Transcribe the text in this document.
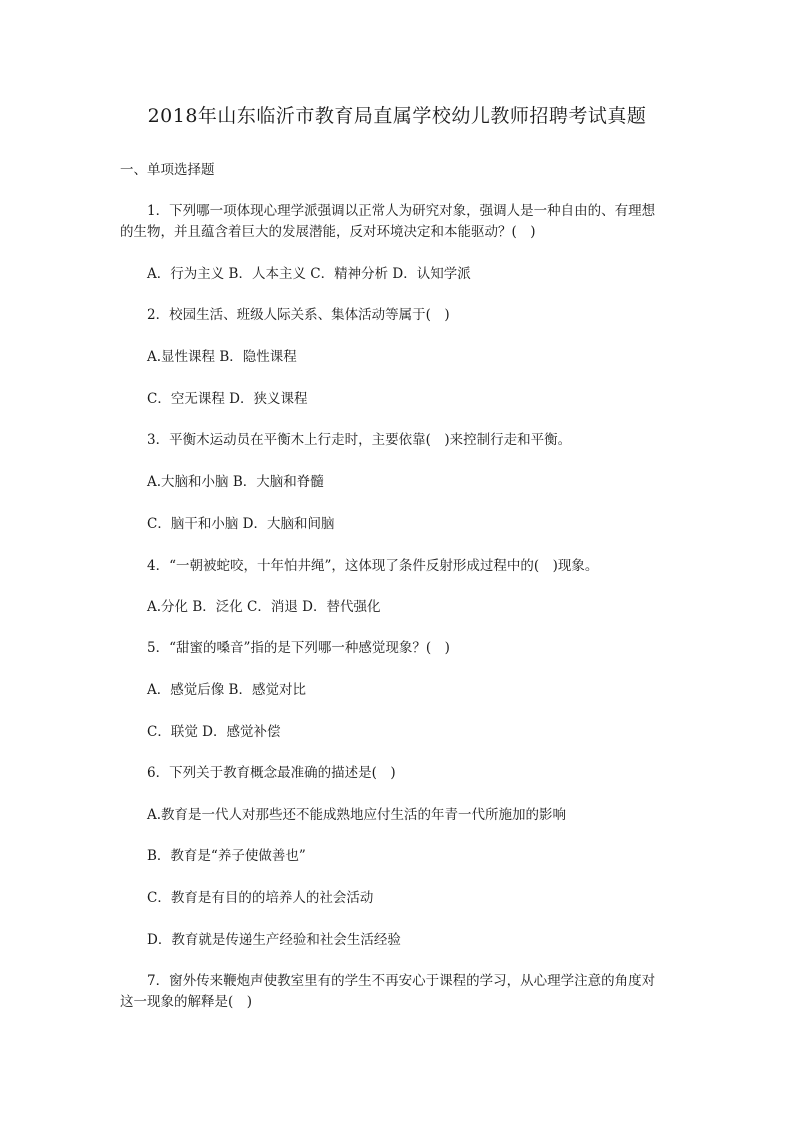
2018年山东临沂市教育局直属学校幼儿教师招聘考试真题
一、单项选择题
1．下列哪一项体现心理学派强调以正常人为研究对象，强调人是一种自由的、有理想
的生物，并且蕴含着巨大的发展潜能，反对环境决定和本能驱动？(　)
A．行为主义 B．人本主义 C．精神分析 D．认知学派
2．校园生活、班级人际关系、集体活动等属于(　)
A.显性课程 B．隐性课程
C．空无课程 D．狭义课程
3．平衡木运动员在平衡木上行走时，主要依靠(　)来控制行走和平衡。
A.大脑和小脑 B．大脑和脊髓
C．脑干和小脑 D．大脑和间脑
4．“一朝被蛇咬，十年怕井绳”，这体现了条件反射形成过程中的(　)现象。
A.分化 B．泛化 C．消退 D．替代强化
5．“甜蜜的嗓音”指的是下列哪一种感觉现象？(　)
A．感觉后像 B．感觉对比
C．联觉 D．感觉补偿
6．下列关于教育概念最准确的描述是(　)
A.教育是一代人对那些还不能成熟地应付生活的年青一代所施加的影响
B．教育是“养子使做善也”
C．教育是有目的的培养人的社会活动
D．教育就是传递生产经验和社会生活经验
7．窗外传来鞭炮声使教室里有的学生不再安心于课程的学习，从心理学注意的角度对
这一现象的解释是(　)
